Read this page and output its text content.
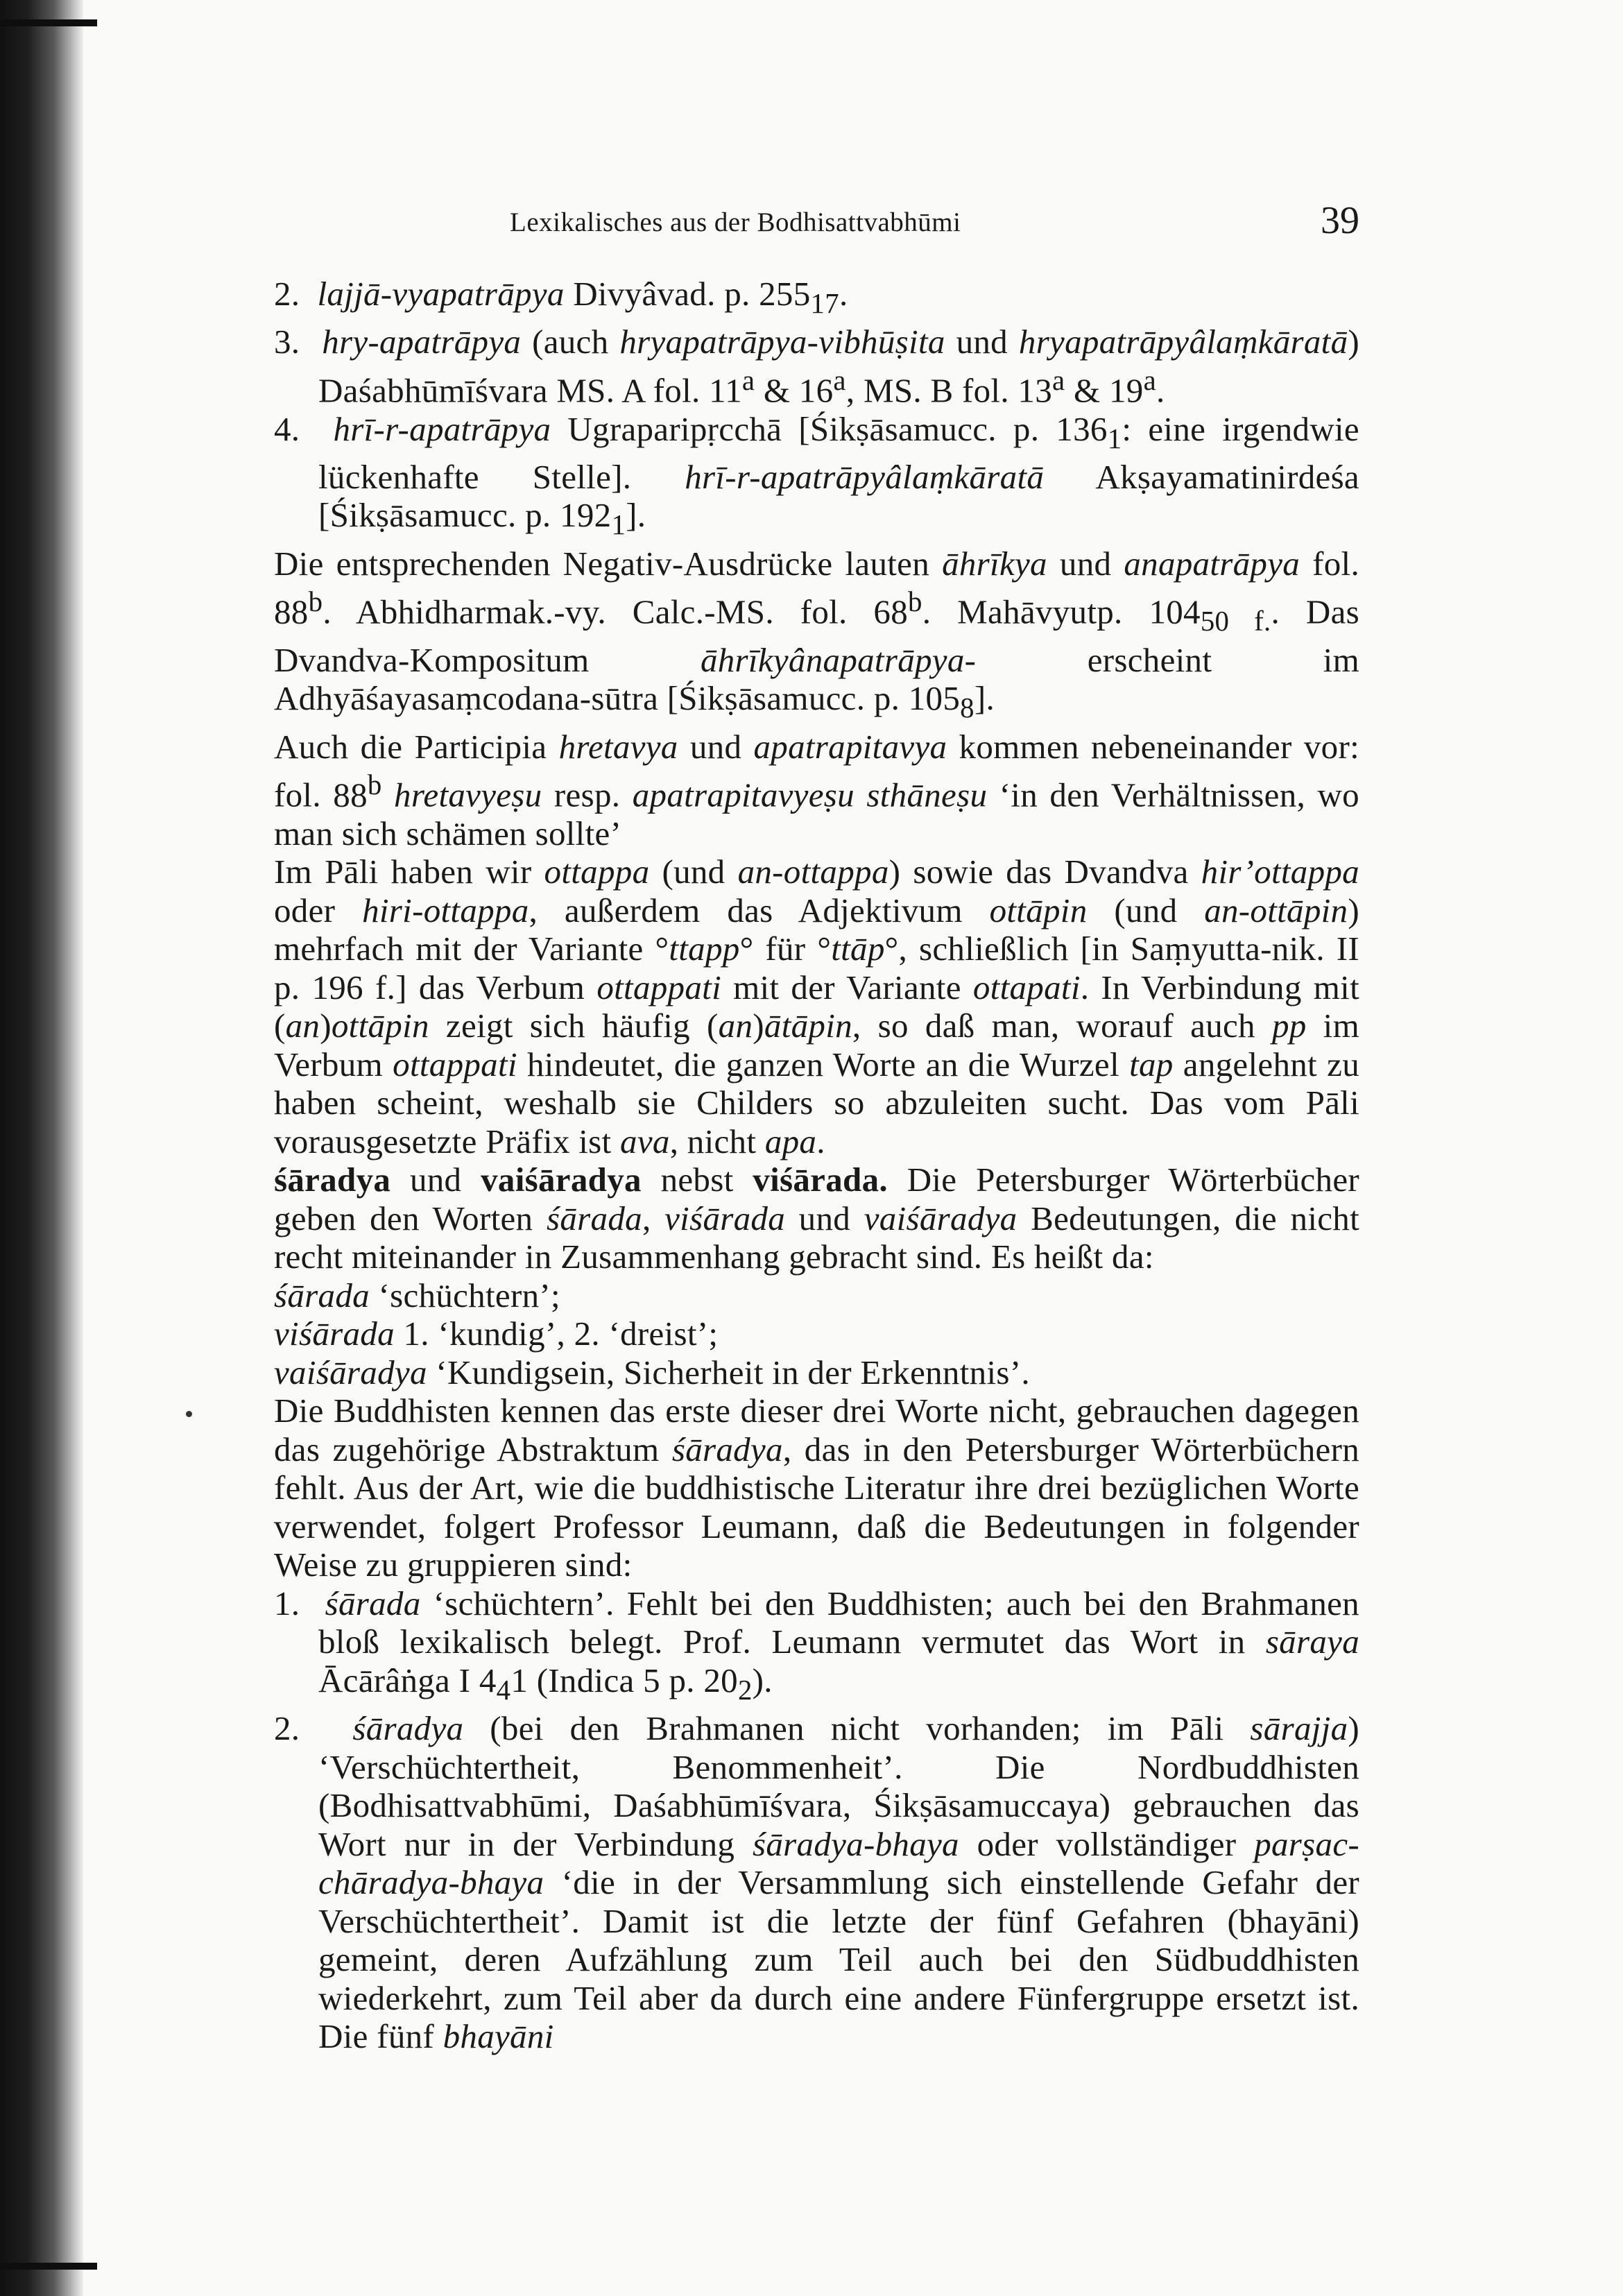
Lexikalisches aus der Bodhisattvabhūmi	39

2. lajjā-vyapatrāpya Divyâvad. p. $255_{17}$.

3. hry-apatrāpya (auch hryapatrāpya-vibhūṣita und hryapatrāpyâlaṃkāratā) Daśabhūmīśvara MS. A fol. 11$^a$ & 16$^a$, MS. B fol. 13$^a$ & 19$^a$.

4. hrī-r-apatrāpya Ugraparipṛcchā [Śikṣāsamucc. p. $136_1$: eine irgendwie lückenhafte Stelle]. hrī-r-apatrāpyâlaṃkāratā Akṣayamatinirdeśa [Śikṣāsamucc. p. $192_1$].

Die entsprechenden Negativ-Ausdrücke lauten āhrīkya und anapatrāpya fol. 88$^b$. Abhidharmak.-vy. Calc.-MS. fol. 68$^b$. Mahāvyutp. $104_{50 f.}$. Das Dvandva-Kompositum āhrīkyânapatrāpya- erscheint im Adhyāśayasaṃcodana-sūtra [Śikṣāsamucc. p. $105_8$].

Auch die Participia hretavya und apatrapitavya kommen nebeneinander vor: fol. 88$^b$ hretavyeṣu resp. apatrapitavyeṣu sthāneṣu ‘in den Verhältnissen, wo man sich schämen sollte’

Im Pāli haben wir ottappa (und an-ottappa) sowie das Dvandva hir’ottappa oder hiri-ottappa, außerdem das Adjektivum ottāpin (und an-ottāpin) mehrfach mit der Variante °ttapp° für °ttāp°, schließlich [in Saṃyutta-nik. II p. 196 f.] das Verbum ottappati mit der Variante ottapati. In Verbindung mit (an)ottāpin zeigt sich häufig (an)ātāpin, so daß man, worauf auch pp im Verbum ottappati hindeutet, die ganzen Worte an die Wurzel tap angelehnt zu haben scheint, weshalb sie Childers so abzuleiten sucht. Das vom Pāli vorausgesetzte Präfix ist ava, nicht apa.

śāradya und vaiśāradya nebst viśārada. Die Petersburger Wörterbücher geben den Worten śārada, viśārada und vaiśāradya Bedeutungen, die nicht recht miteinander in Zusammenhang gebracht sind. Es heißt da:

śārada ‘schüchtern’;

viśārada 1. ‘kundig’, 2. ‘dreist’;

vaiśāradya ‘Kundigsein, Sicherheit in der Erkenntnis’.

Die Buddhisten kennen das erste dieser drei Worte nicht, gebrauchen dagegen das zugehörige Abstraktum śāradya, das in den Petersburger Wörterbüchern fehlt. Aus der Art, wie die buddhistische Literatur ihre drei bezüglichen Worte verwendet, folgert Professor Leumann, daß die Bedeutungen in folgender Weise zu gruppieren sind:

1. śārada ‘schüchtern’. Fehlt bei den Buddhisten; auch bei den Brahmanen bloß lexikalisch belegt. Prof. Leumann vermutet das Wort in sāraya Ācārâṅga I $4_41$ (Indica 5 p. $20_2$).

2. śāradya (bei den Brahmanen nicht vorhanden; im Pāli sārajja) ‘Verschüchtertheit, Benommenheit’. Die Nordbuddhisten (Bodhisattvabhūmi, Daśabhūmīśvara, Śikṣāsamuccaya) gebrauchen das Wort nur in der Verbindung śāradya-bhaya oder vollständiger parṣac-chāradya-bhaya ‘die in der Versammlung sich einstellende Gefahr der Verschüchtertheit’. Damit ist die letzte der fünf Gefahren (bhayāni) gemeint, deren Aufzählung zum Teil auch bei den Südbuddhisten wiederkehrt, zum Teil aber da durch eine andere Fünfergruppe ersetzt ist. Die fünf bhayāni
